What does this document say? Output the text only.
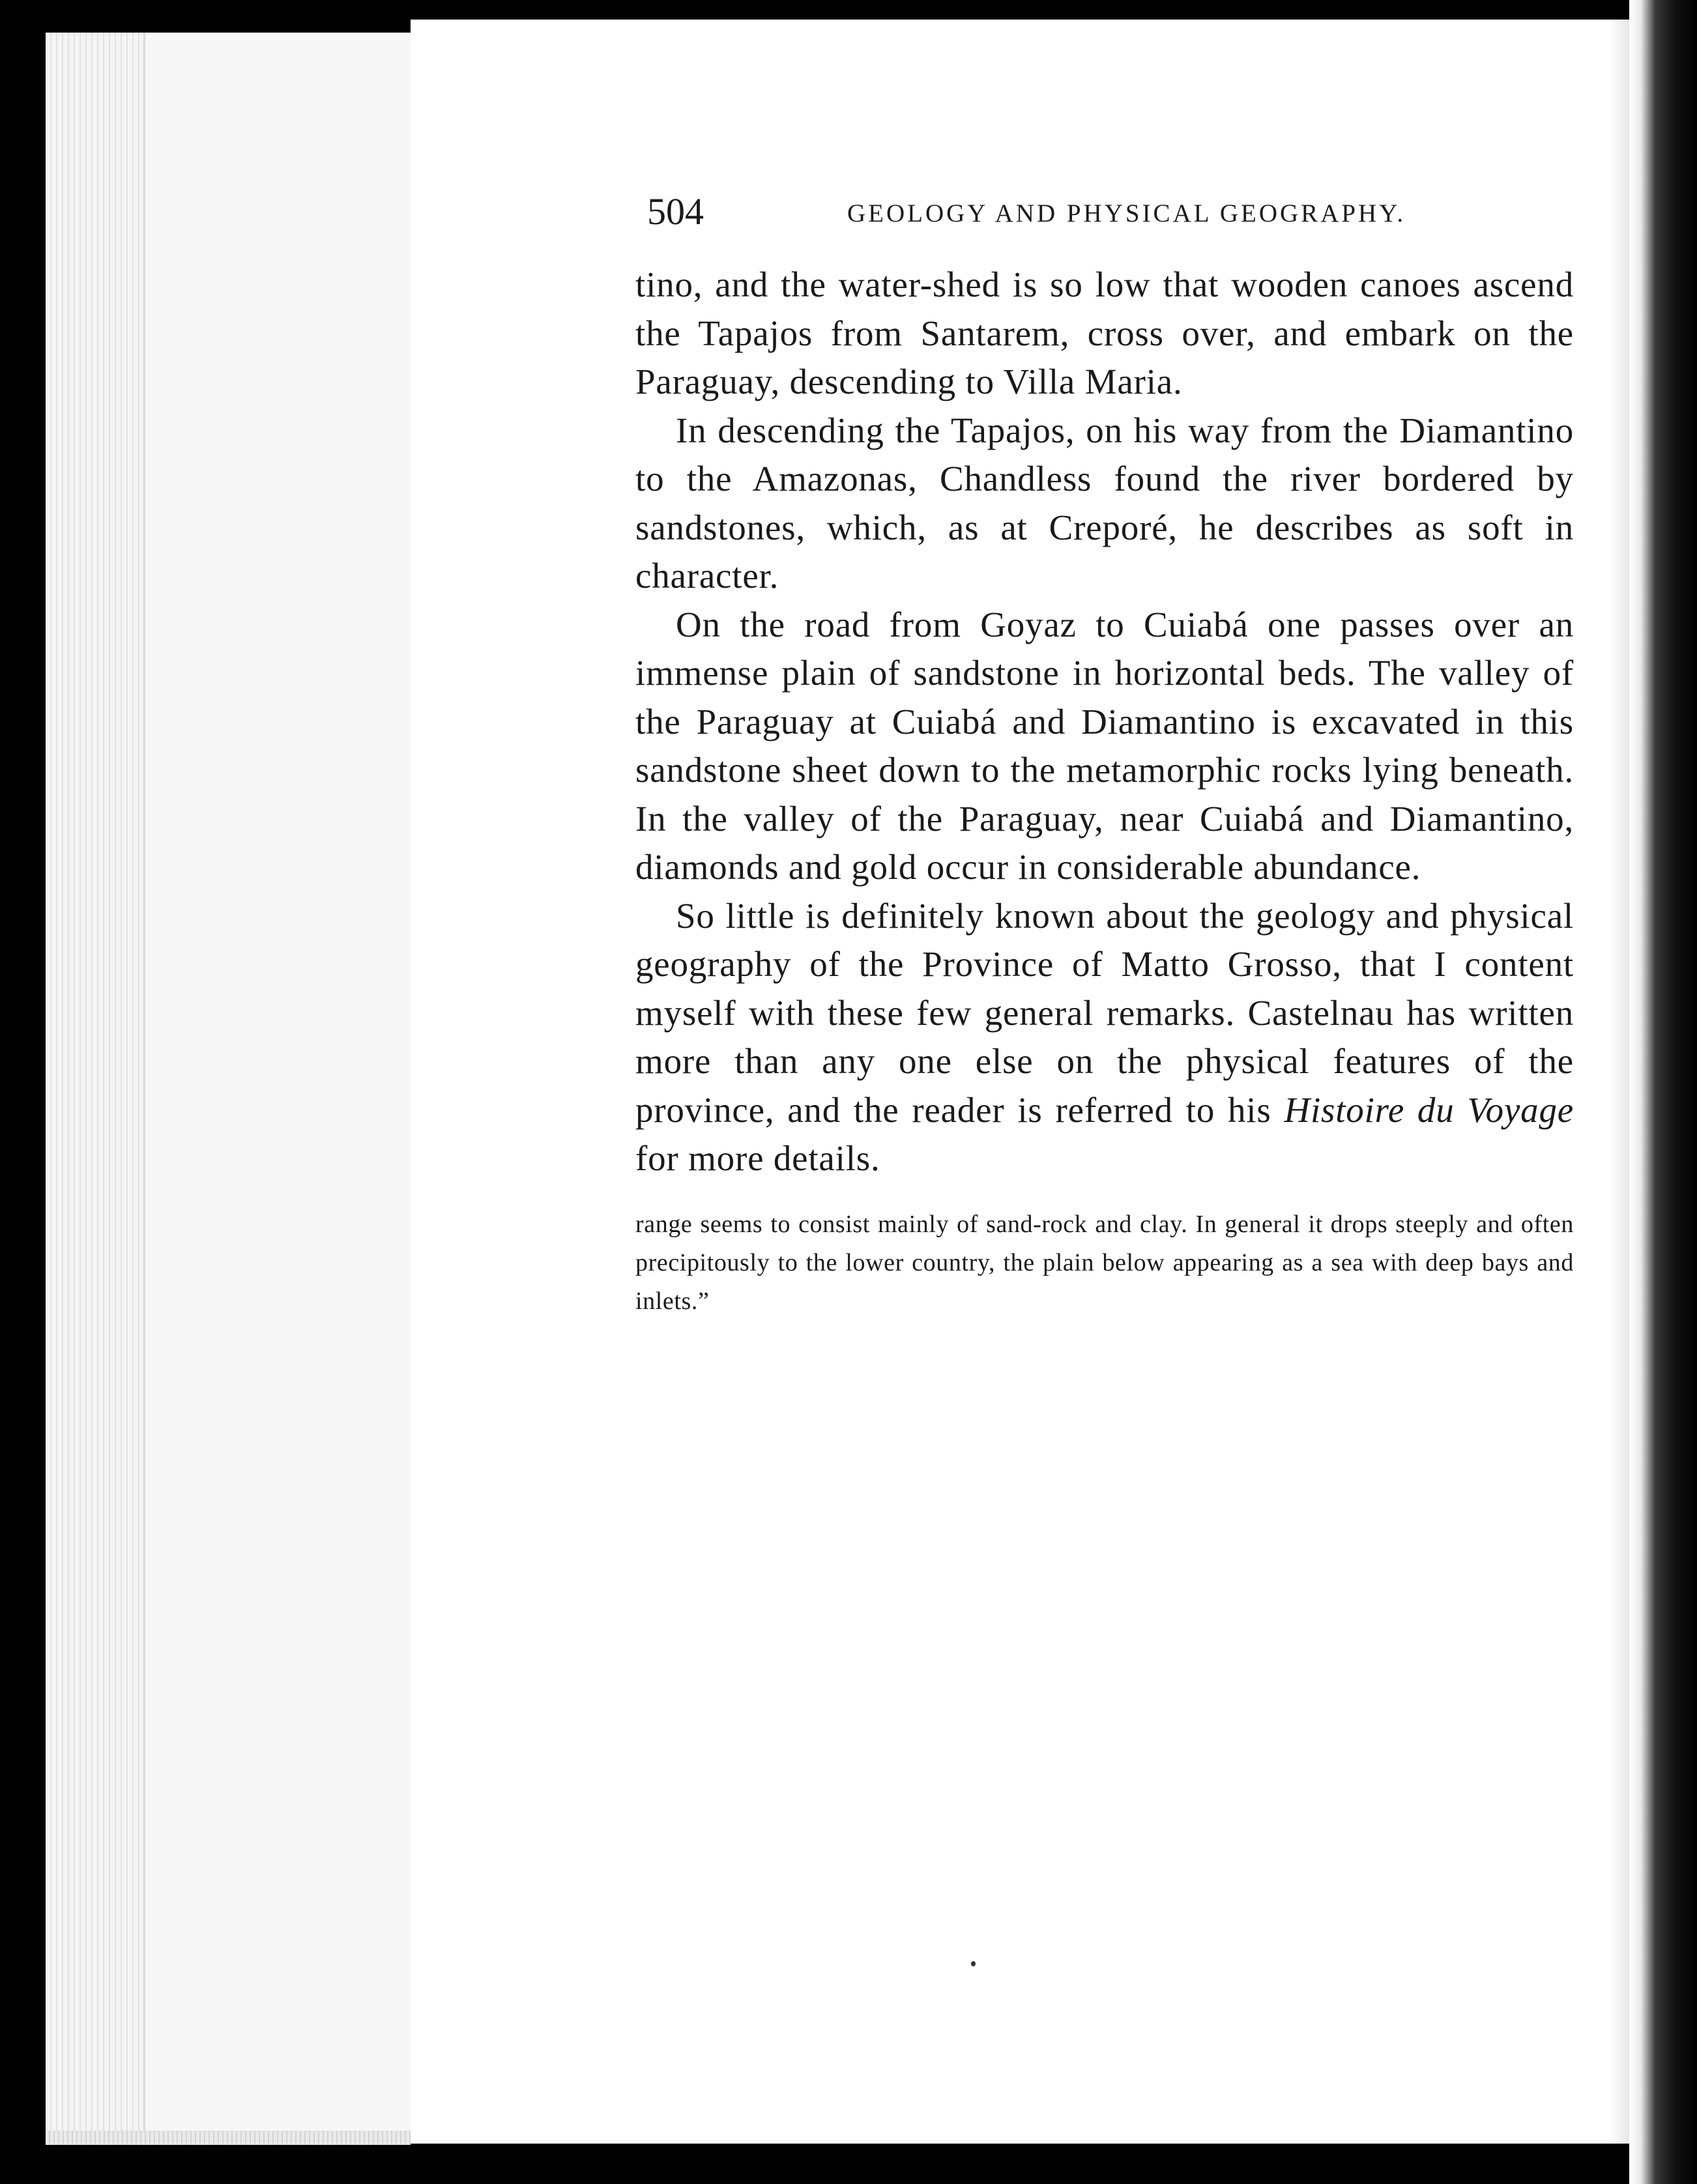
504	GEOLOGY AND PHYSICAL GEOGRAPHY.

tino, and the water-shed is so low that wooden canoes ascend the Tapajos from Santarem, cross over, and embark on the Paraguay, descending to Villa Maria.

In descending the Tapajos, on his way from the Diamantino to the Amazonas, Chandless found the river bordered by sandstones, which, as at Creporé, he describes as soft in character.

On the road from Goyaz to Cuiabá one passes over an immense plain of sandstone in horizontal beds. The valley of the Paraguay at Cuiabá and Diamantino is excavated in this sandstone sheet down to the metamorphic rocks lying beneath. In the valley of the Paraguay, near Cuiabá and Diamantino, diamonds and gold occur in considerable abundance.

So little is definitely known about the geology and physical geography of the Province of Matto Grosso, that I content myself with these few general remarks. Castelnau has written more than any one else on the physical features of the province, and the reader is referred to his Histoire du Voyage for more details.

range seems to consist mainly of sand-rock and clay. In general it drops steeply and often precipitously to the lower country, the plain below appearing as a sea with deep bays and inlets.”
